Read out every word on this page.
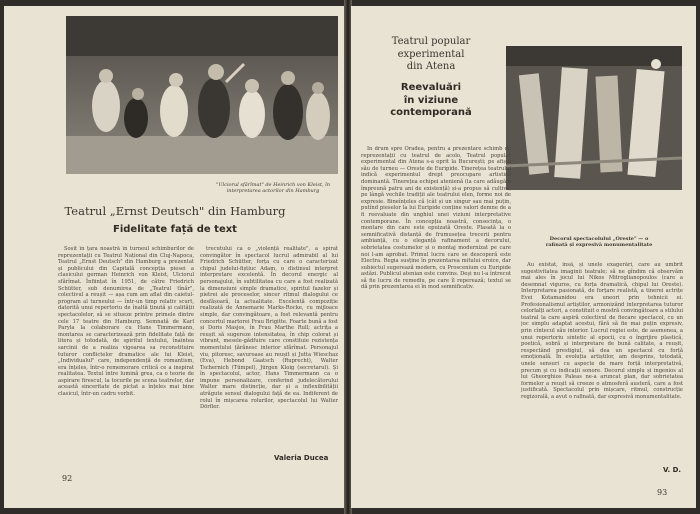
"Ulciorul sfărîmat" de Heinrich von Kleist, în interpretarea actorilor din Hamburg
Teatrul „Ernst Deutsch" din Hamburg
Fidelitate față de text

Sosit în țara noastră în turneul schimburilor de reprezentații cu Teatrul Național din Cluj-Napoca, Teatrul „Ernst Deutsch" din Hamburg a prezentat și publicului din Capitală concepția piesei a clasicului german Heinrich von Kleist, Ulciorul sfărîmat. Înființat în 1951, de către Friedrich Schütter, sub denumirea de „Teatrul tînăr", colectivul a reușit — așa cum am aflat din caietul-program al turneului — într-un timp relativ scurt, datorită unui repertoriu de înaltă ținută și calității spectacolelor, să se situeze printre primele dintre cele 17 teatre din Hamburg. Semnată de Karl Paryla la colaborare cu Hans Timmermann, montarea se caracterizează prin fidelitate față de litera și totodată, de spiritul textului, înaintea sarcinii de a realiza vigoarea sa reconstituire tuturor conflictelor dramatice ale lui Kleist, „Individualul" care, independență de romantism, era înțeles, într-o rememorare critică ce a inspirat realitatea. Textul între lumină grea, ca o teorie de aspirare firescul, la tocurile pe scena teatrelor, dar această sinceritate de pictat a înțeles mai bine clasicul, într-un cadru vorbit.

trecutului ca o „violență realitate", a spirat convingător în spectacol lucrul admirabil al lui Friedrich Schütter, forța cu care o caracterizat chipul judelui-fiștiuc Adam, o distinsul interpret interpretare excelentă. În decorul energic al personajului, în subtilitatea cu care a fost realizată la dimensiuni simple dramatice, spiritul fazelor și pietrei ale proceselor, sincer ritmul dialogului ce desfășoară, la actualitate. Excelentă compoziție realizată de Annemarie Marks-Rocke, cu mijloace simple, dar convingătoare, a fost relevantă pentru concertul martorei Frau Brigitte. Foarte bună a fost și Doris Masjos, în Frau Marthe Rull; actrița a reușit să sugereze intensitatea, în chip colorat și vibrant, mesele-gădfuire care constituie rezistența momentului țărănesc interior sfărîmat. Personajul viu, pitoresc, savuroase au reușit și Jutta Wieschaz (Eva), Hebond Gaatsch (Ruprecht), Walter Tschernich (Tümpel), Jürgen Kloig (secretarul). Și în spectacolul, actor, Hans Timmermann ca o impune personalizare, conferind judelecătorului Walter mare distincție, dar și a inflexibilității atrăgute sensul dialogului față de ea. Indiferent de rolul în mișcarea rolurilor, spectacolul lui Walter Dörfler.

Valeria Ducea
92
Teatrul popular
experimental
din Atena
Reevaluări
în viziune
contemporană
Decorul spectacolului „Oreste" — o
rafinată și expresivă monumentalitate

În drum spre Oradea, pentru a prezentare schimb de reprezentații cu teatrul de acolo, Teatrul popular experimental din Atena s-a oprit la București; pe afișul său de turneu — Oreste de Euripide. Tinerețea teatrului indică experimentul drept preocupare artistică dominantă. Tinerețea echipei atenienă (la care adăugăm împreună patru ani de existență) și-a propus să cultive, pe lângă vechile tradiții ale teatrului elen, forme noi de expresie. Bineînțeles că (cât și un singur sau mai puțin, putînd pieselor la lui Euripide conține valori demne de a fi reevaluate din unghiul unei viziuni interpretative contemporane. În concepția noastră, consecința, o montare din care este epuizată Oreste. Plasată la o semnificativă distanță de frumusețea trecerii pentru ambianță, cu o eleganță rafinament a decorului, sobrietatea costumelor și o montaj modernizat pe care noi l-am aprobat. Primul lucru care se descoperă este Electra. Regia susține în prezentarea mitului eroice, dar subiectul sugerează modern, cu Proscenium cu Euripide astăzi. Publicul atenian este convins. Deși nu l-a întrecut să fie lucru de remediu, pe care îl reperează; textul se dă prin prezentarea ei în mod semnificativ.

Au existat, însă, și unele exagerări, care au umbrit sugestivitatea imaginii teatrale; să ne gîndim că observăm mai ales în jocul lui Nikos Mitroglianopoulos (care a desemnat viguros, cu forța dramatică, chipul lui Oreste). Interpretarea pasionată, de forțare realistă, a tinerei actrițe Evei Kotamanidou era uneori prin tehnicii ei. Profesionalismul artiștilor, armonizând interpretarea tuturor celorlalți actori, a constituit o mostră convingătoare a stilului teatral la care aspiră colectivul de fiecare spectacol, cu un joc simplu adaptat acestui, fără să fie mai puțin expresiv, prin cîntecul său interior. Lucrul regiei este, de asemenea, a unui repertoriu sintetic al epocii, cu o îngrijire plastică, poetică, sobră și interpretare de bună calitate, a reușit, respectând prestigiul, să dea un spectacol cu forță emoțională. În evoluția artiștilor, am desprins, totodată, unele sensuri cu aspecte de mare forță interpretativă, precum și cu indicații sonore. Decorul simplu și ingenios al lui Gheorghios Paleas ne-a aruncat plan, dar sobrietatea formelor a reușit să creeze o atmosferă austeră, care a fost justificată. Spectacolul prin mișcare, ritmul, construcție regizorală, a avut o rafinată, dar expresivă monumentalitate.

V. D.
93
